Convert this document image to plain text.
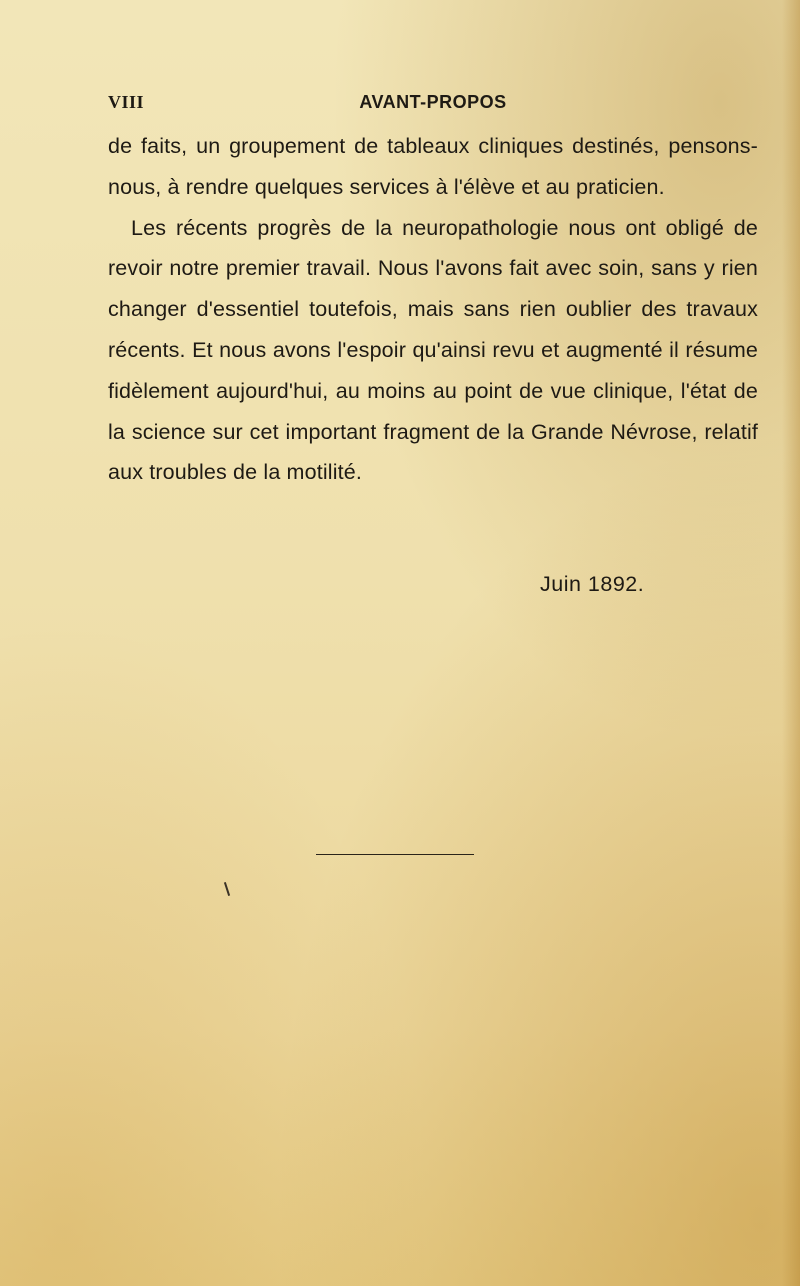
VIII	AVANT-PROPOS

de faits, un groupement de tableaux cliniques destinés, pensons-nous, à rendre quelques services à l'élève et au praticien.

Les récents progrès de la neuropathologie nous ont obligé de revoir notre premier travail. Nous l'avons fait avec soin, sans y rien changer d'essentiel toutefois, mais sans rien oublier des travaux récents. Et nous avons l'espoir qu'ainsi revu et augmenté il résume fidèlement aujourd'hui, au moins au point de vue clinique, l'état de la science sur cet important fragment de la Grande Névrose, relatif aux troubles de la motilité.

Juin 1892.
